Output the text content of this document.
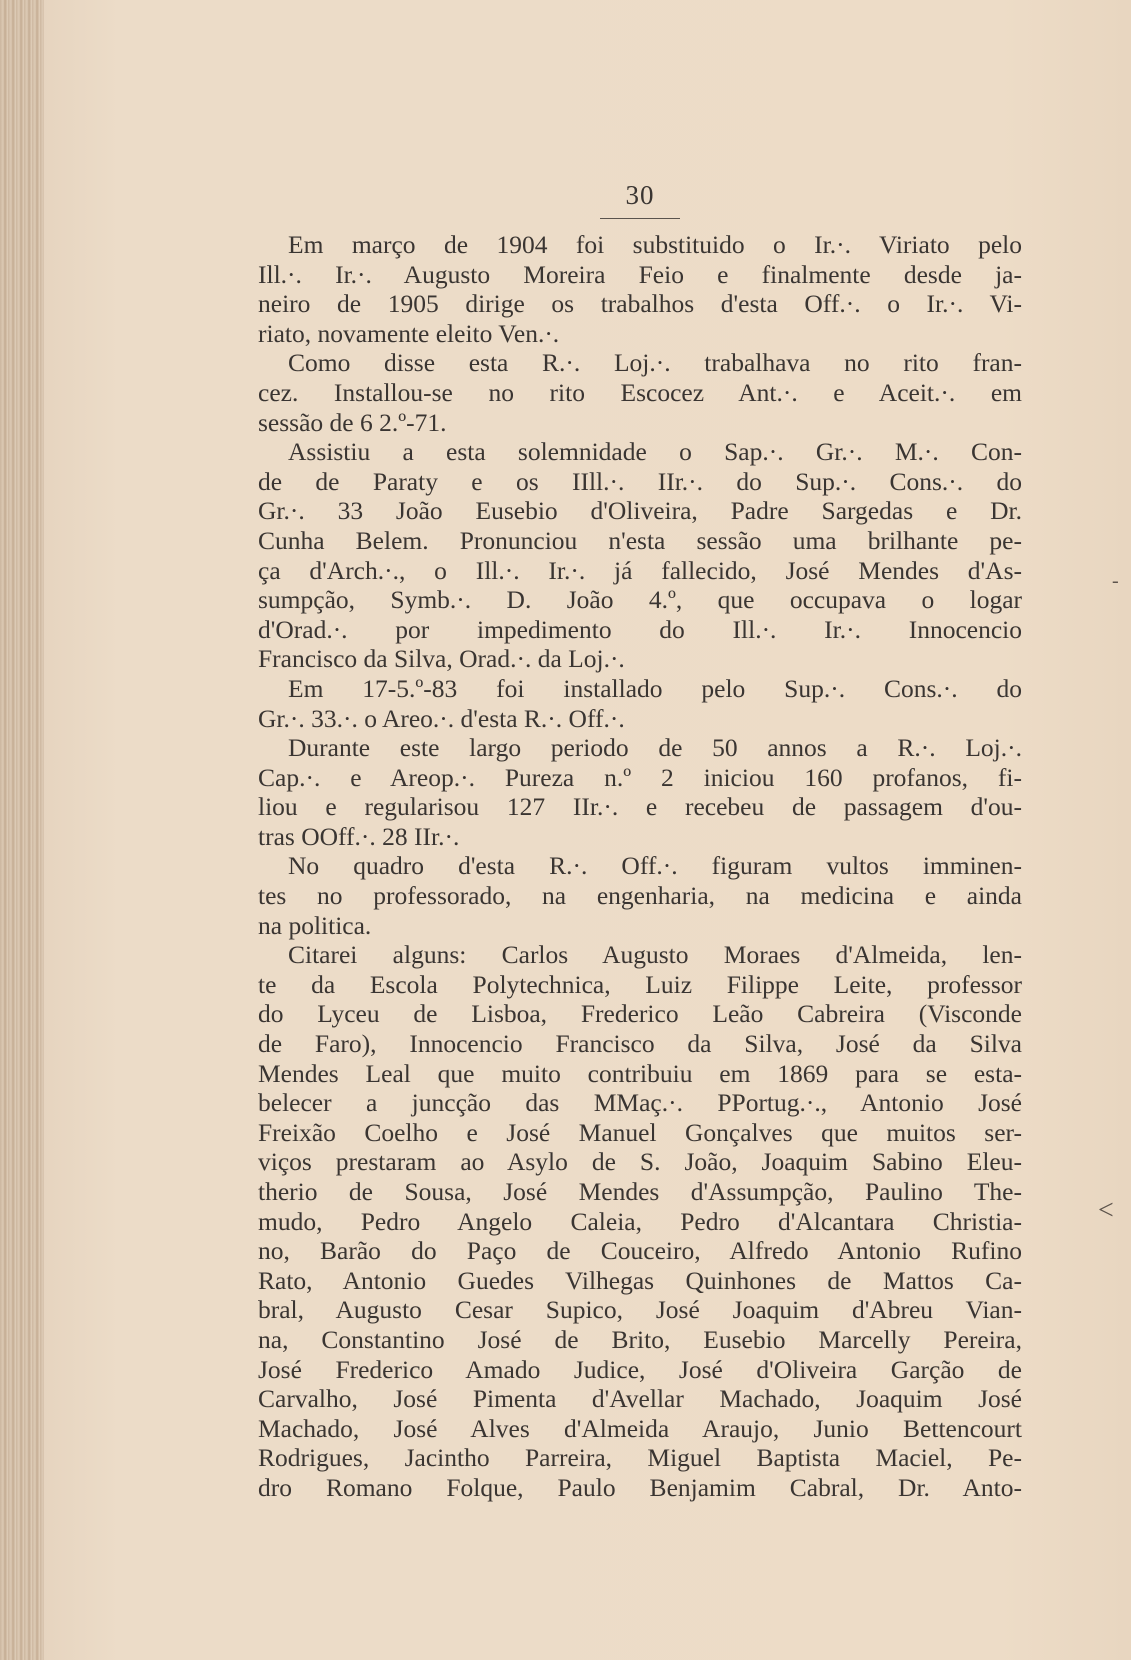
30
Em março de 1904 foi substituido o Ir.·. Viriato pelo
Ill.·. Ir.·. Augusto Moreira Feio e finalmente desde ja-
neiro de 1905 dirige os trabalhos d'esta Off.·. o Ir.·. Vi-
riato, novamente eleito Ven.·.
Como disse esta R.·. Loj.·. trabalhava no rito fran-
cez. Installou-se no rito Escocez Ant.·. e Aceit.·. em
sessão de 6 2.º-71.
Assistiu a esta solemnidade o Sap.·. Gr.·. M.·. Con-
de de Paraty e os IIll.·. IIr.·. do Sup.·. Cons.·. do
Gr.·. 33 João Eusebio d'Oliveira, Padre Sargedas e Dr.
Cunha Belem. Pronunciou n'esta sessão uma brilhante pe-
ça d'Arch.·., o Ill.·. Ir.·. já fallecido, José Mendes d'As-
sumpção, Symb.·. D. João 4.º, que occupava o logar
d'Orad.·. por impedimento do Ill.·. Ir.·. Innocencio
Francisco da Silva, Orad.·. da Loj.·.
Em 17-5.º-83 foi installado pelo Sup.·. Cons.·. do
Gr.·. 33.·. o Areo.·. d'esta R.·. Off.·.
Durante este largo periodo de 50 annos a R.·. Loj.·.
Cap.·. e Areop.·. Pureza n.º 2 iniciou 160 profanos, fi-
liou e regularisou 127 IIr.·. e recebeu de passagem d'ou-
tras OOff.·. 28 IIr.·.
No quadro d'esta R.·. Off.·. figuram vultos imminen-
tes no professorado, na engenharia, na medicina e ainda
na politica.
Citarei alguns: Carlos Augusto Moraes d'Almeida, len-
te da Escola Polytechnica, Luiz Filippe Leite, professor
do Lyceu de Lisboa, Frederico Leão Cabreira (Visconde
de Faro), Innocencio Francisco da Silva, José da Silva
Mendes Leal que muito contribuiu em 1869 para se esta-
belecer a juncção das MMaç.·. PPortug.·., Antonio José
Freixão Coelho e José Manuel Gonçalves que muitos ser-
viços prestaram ao Asylo de S. João, Joaquim Sabino Eleu-
therio de Sousa, José Mendes d'Assumpção, Paulino The-
mudo, Pedro Angelo Caleia, Pedro d'Alcantara Christia-
no, Barão do Paço de Couceiro, Alfredo Antonio Rufino
Rato, Antonio Guedes Vilhegas Quinhones de Mattos Ca-
bral, Augusto Cesar Supico, José Joaquim d'Abreu Vian-
na, Constantino José de Brito, Eusebio Marcelly Pereira,
José Frederico Amado Judice, José d'Oliveira Garção de
Carvalho, José Pimenta d'Avellar Machado, Joaquim José
Machado, José Alves d'Almeida Araujo, Junio Bettencourt
Rodrigues, Jacintho Parreira, Miguel Baptista Maciel, Pe-
dro Romano Folque, Paulo Benjamim Cabral, Dr. Anto-
-
<
